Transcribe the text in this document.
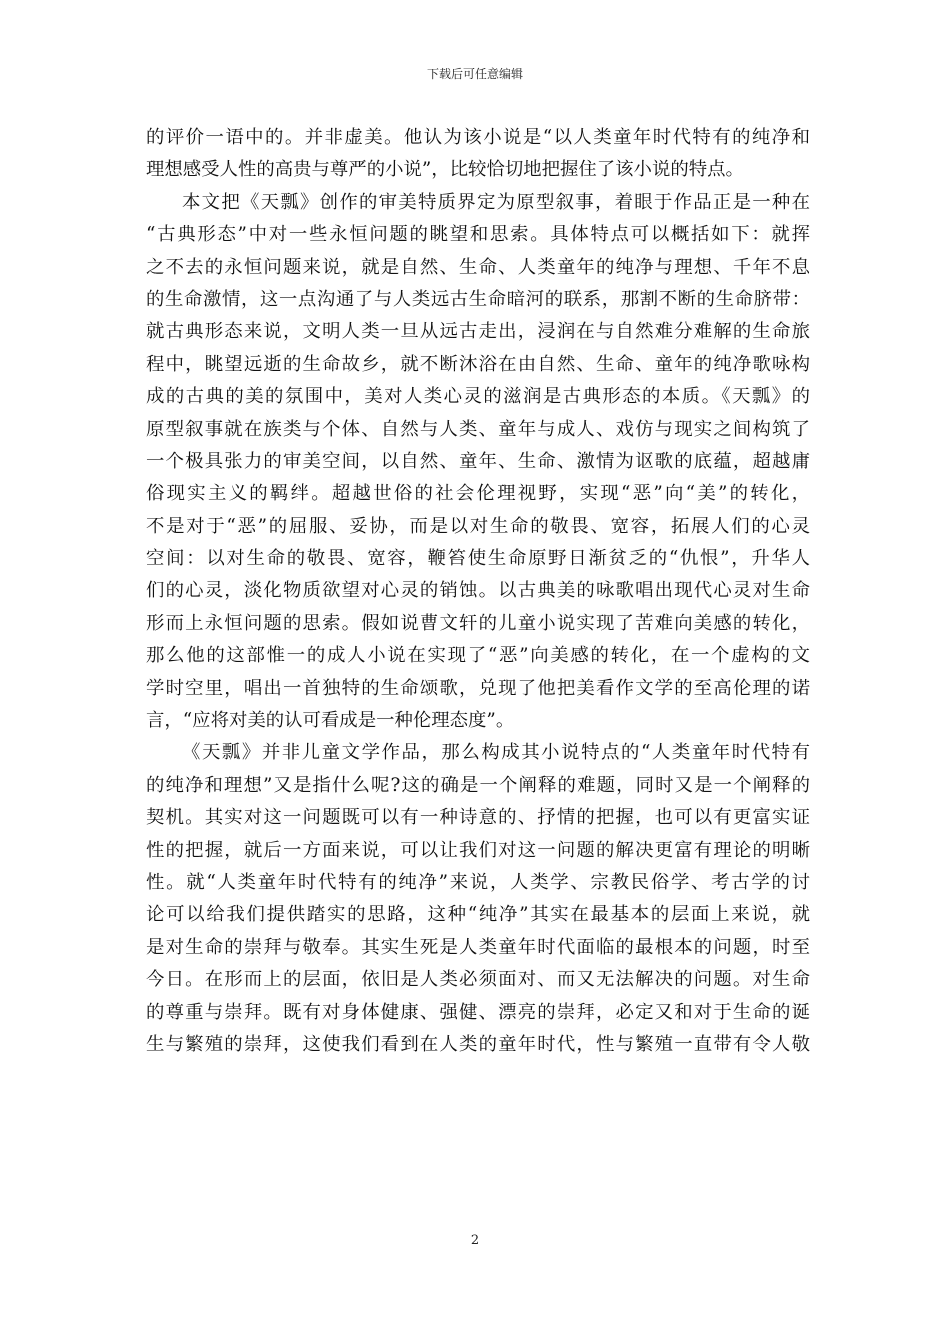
下载后可任意编辑
的评价一语中的。并非虚美。他认为该小说是“以人类童年时代特有的纯净和
理想感受人性的高贵与尊严的小说”，比较恰切地把握住了该小说的特点。
本文把《天瓢》创作的审美特质界定为原型叙事，着眼于作品正是一种在
“古典形态”中对一些永恒问题的眺望和思索。具体特点可以概括如下：就挥
之不去的永恒问题来说，就是自然、生命、人类童年的纯净与理想、千年不息
的生命激情，这一点沟通了与人类远古生命暗河的联系，那割不断的生命脐带：
就古典形态来说，文明人类一旦从远古走出，浸润在与自然难分难解的生命旅
程中，眺望远逝的生命故乡，就不断沐浴在由自然、生命、童年的纯净歌咏构
成的古典的美的氛围中，美对人类心灵的滋润是古典形态的本质。《天瓢》的
原型叙事就在族类与个体、自然与人类、童年与成人、戏仿与现实之间构筑了
一个极具张力的审美空间，以自然、童年、生命、激情为讴歌的底蕴，超越庸
俗现实主义的羁绊。超越世俗的社会伦理视野，实现“恶”向“美”的转化，
不是对于“恶”的屈服、妥协，而是以对生命的敬畏、宽容，拓展人们的心灵
空间：以对生命的敬畏、宽容，鞭笞使生命原野日渐贫乏的“仇恨”，升华人
们的心灵，淡化物质欲望对心灵的销蚀。以古典美的咏歌唱出现代心灵对生命
形而上永恒问题的思索。假如说曹文轩的儿童小说实现了苦难向美感的转化，
那么他的这部惟一的成人小说在实现了“恶”向美感的转化，在一个虚构的文
学时空里，唱出一首独特的生命颂歌，兑现了他把美看作文学的至高伦理的诺
言，“应将对美的认可看成是一种伦理态度”。
《天瓢》并非儿童文学作品，那么构成其小说特点的“人类童年时代特有
的纯净和理想”又是指什么呢?这的确是一个阐释的难题，同时又是一个阐释的
契机。其实对这一问题既可以有一种诗意的、抒情的把握，也可以有更富实证
性的把握，就后一方面来说，可以让我们对这一问题的解决更富有理论的明晰
性。就“人类童年时代特有的纯净”来说，人类学、宗教民俗学、考古学的讨
论可以给我们提供踏实的思路，这种“纯净”其实在最基本的层面上来说，就
是对生命的崇拜与敬奉。其实生死是人类童年时代面临的最根本的问题，时至
今日。在形而上的层面，依旧是人类必须面对、而又无法解决的问题。对生命
的尊重与崇拜。既有对身体健康、强健、漂亮的崇拜，必定又和对于生命的诞
生与繁殖的崇拜，这使我们看到在人类的童年时代，性与繁殖一直带有令人敬
2
